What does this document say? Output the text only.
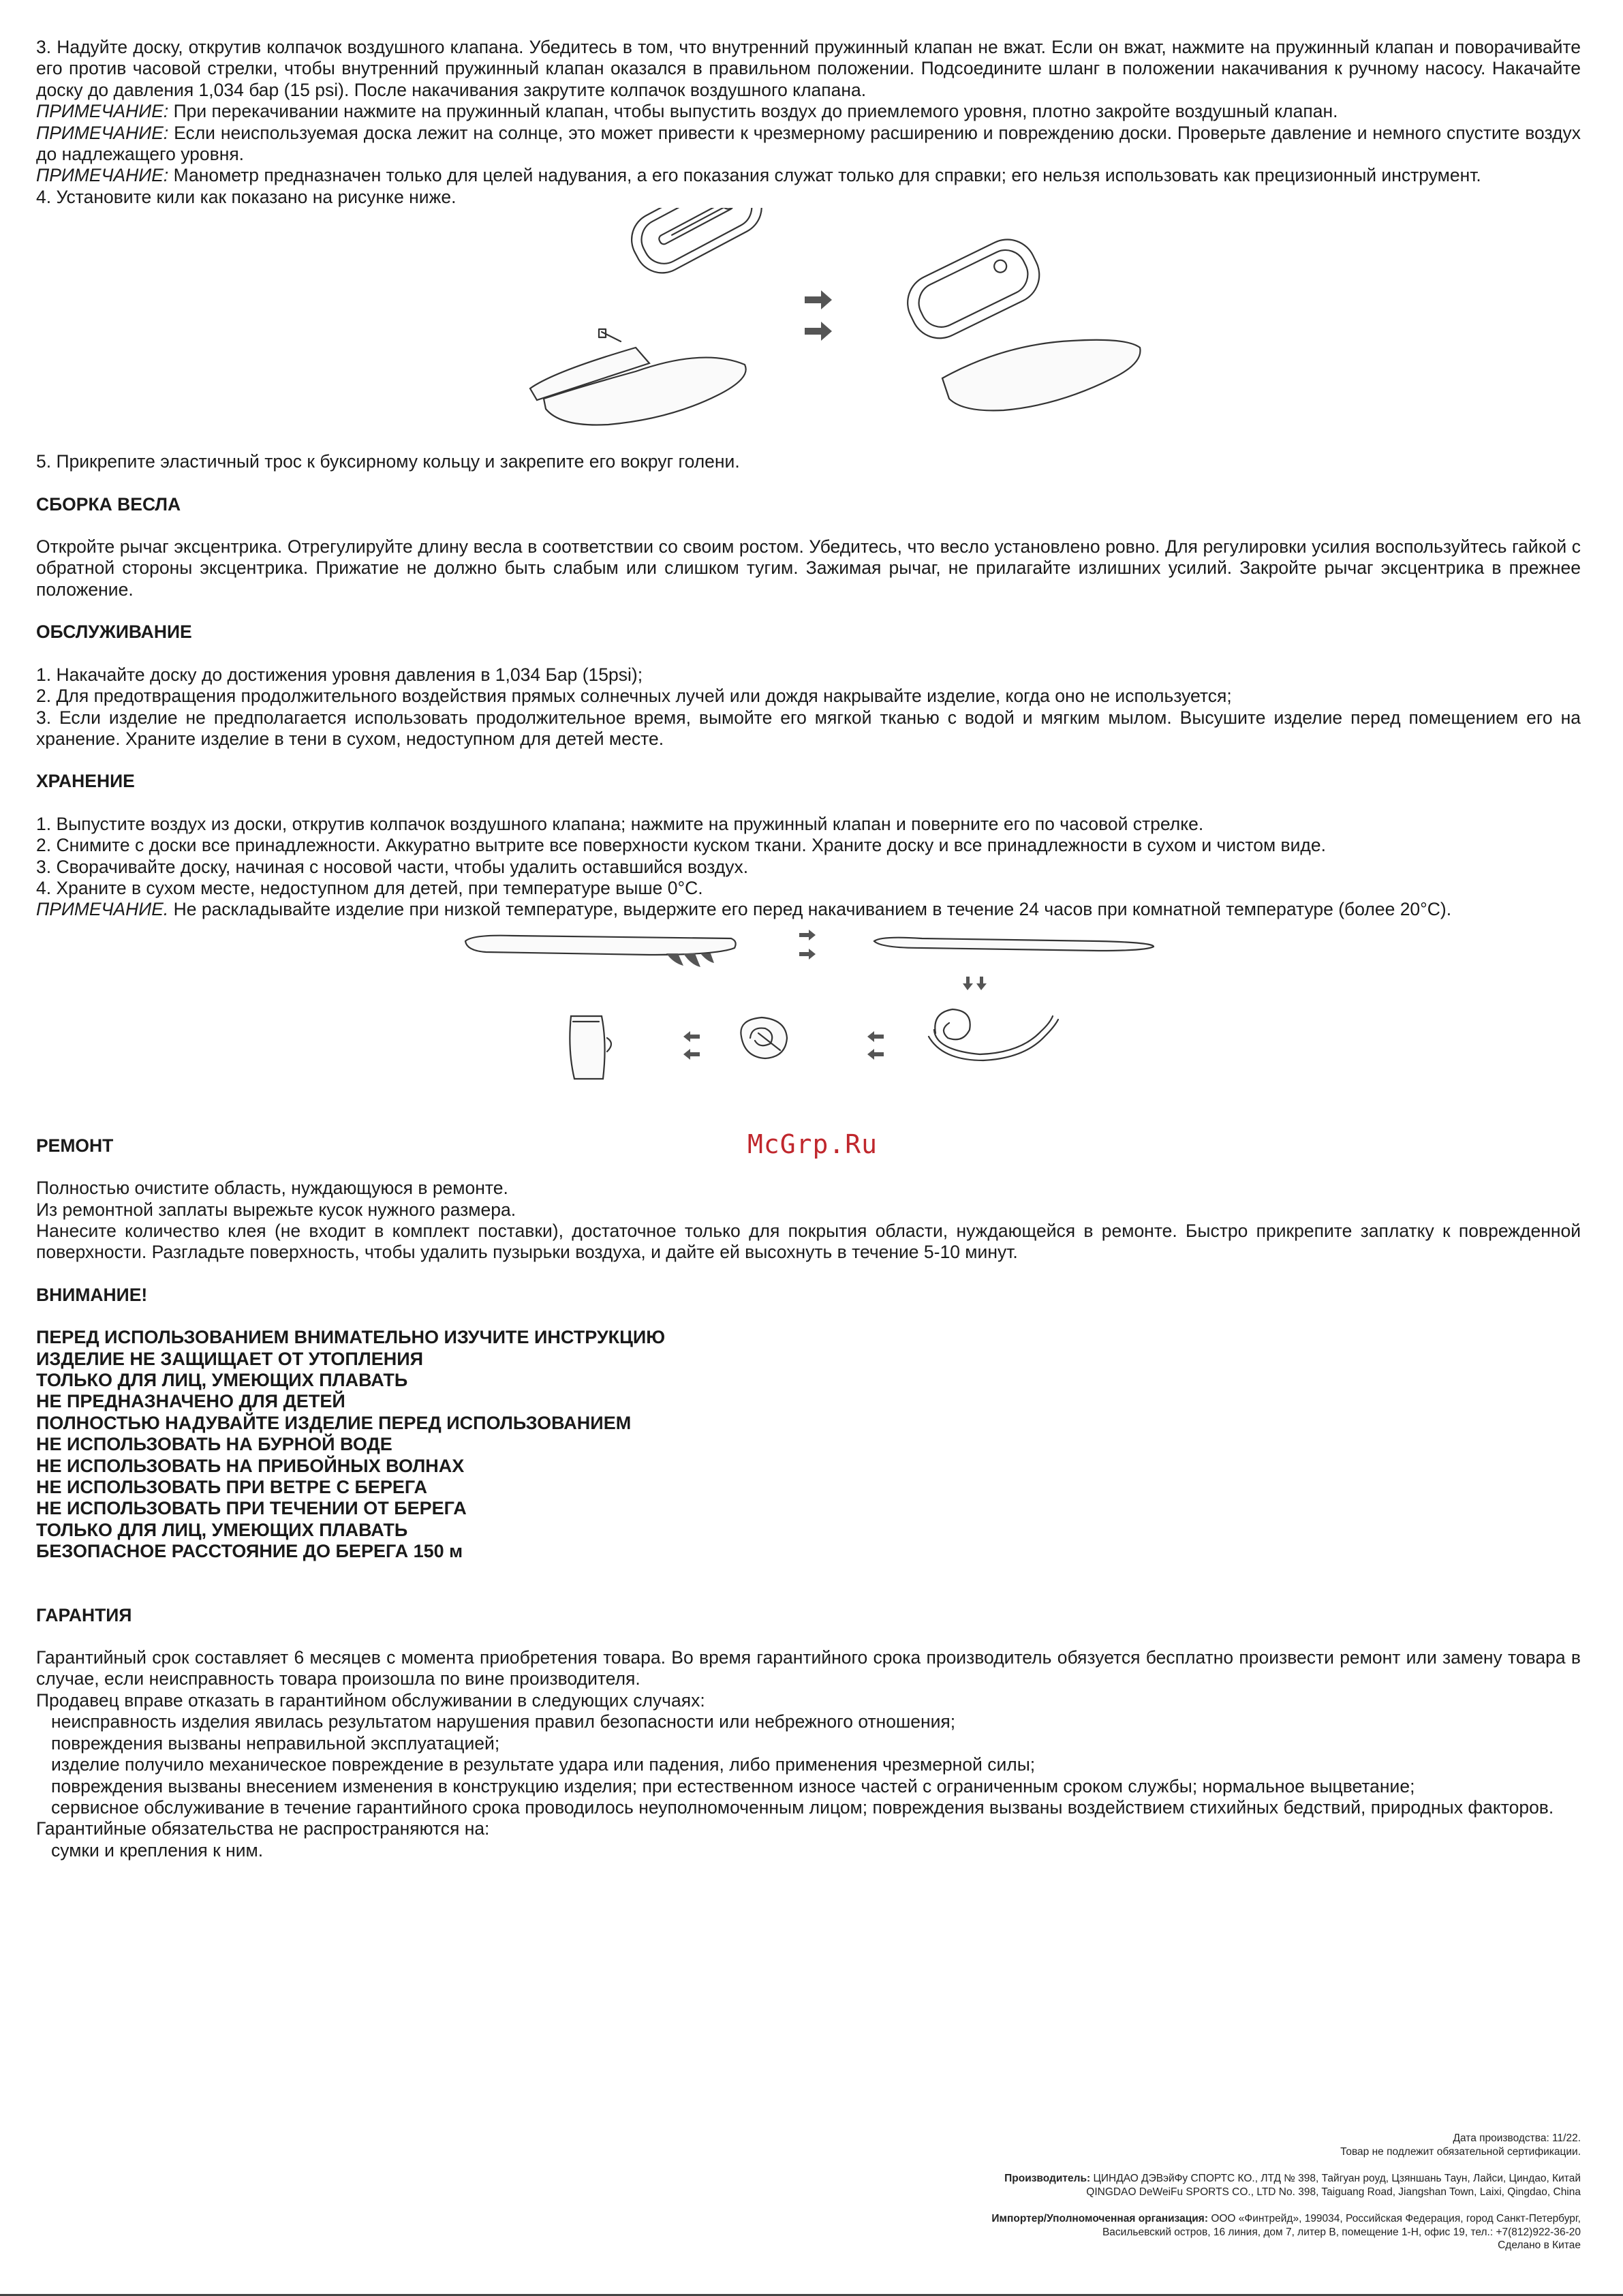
3. Надуйте доску, открутив колпачок воздушного клапана. Убедитесь в том, что внутренний пружинный клапан не вжат. Если он вжат, нажмите на пружинный клапан и поворачивайте его против часовой стрелки, чтобы внутренний пружинный клапан оказался в правильном положении. Подсоедините шланг в положении накачивания к ручному насосу. Накачайте доску до давления 1,034 бар (15 psi). После накачивания закрутите колпачок воздушного клапана.

ПРИМЕЧАНИЕ: При перекачивании нажмите на пружинный клапан, чтобы выпустить воздух до приемлемого уровня, плотно закройте воздушный клапан.

ПРИМЕЧАНИЕ: Если неиспользуемая доска лежит на солнце, это может привести к чрезмерному расширению и повреждению доски. Проверьте давление и немного спустите воздух до надлежащего уровня.

ПРИМЕЧАНИЕ: Манометр предназначен только для целей надувания, а его показания служат только для справки; его нельзя использовать как прецизионный инструмент.

4. Установите кили как показано на рисунке ниже.

5. Прикрепите эластичный трос к буксирному кольцу и закрепите его вокруг голени.

СБОРКА ВЕСЛА

Откройте рычаг эксцентрика. Отрегулируйте длину весла в соответствии со своим ростом. Убедитесь, что весло установлено ровно. Для регулировки усилия воспользуйтесь гайкой с обратной стороны эксцентрика. Прижатие не должно быть слабым или слишком тугим. Зажимая рычаг, не прилагайте излишних усилий. Закройте рычаг эксцентрика в прежнее положение.

ОБСЛУЖИВАНИЕ

1. Накачайте доску до достижения уровня давления в 1,034 Бар (15psi);

2. Для предотвращения продолжительного воздействия прямых солнечных лучей или дождя накрывайте изделие, когда оно не используется;

3. Если изделие не предполагается использовать продолжительное время, вымойте его мягкой тканью с водой и мягким мылом. Высушите изделие перед помещением его на хранение. Храните изделие в тени в сухом, недоступном для детей месте.

ХРАНЕНИЕ

1. Выпустите воздух из доски, открутив колпачок воздушного клапана; нажмите на пружинный клапан и поверните его по часовой стрелке.

2. Снимите с доски все принадлежности. Аккуратно вытрите все поверхности куском ткани. Храните доску и все принадлежности в сухом и чистом виде.

3. Сворачивайте доску, начиная с носовой части, чтобы удалить оставшийся воздух.

4. Храните в сухом месте, недоступном для детей, при температуре выше 0°C.

ПРИМЕЧАНИЕ. Не раскладывайте изделие при низкой температуре, выдержите его перед накачиванием в течение 24 часов при комнатной температуре (более 20°С).

РЕМОНТ

Полностью очистите область, нуждающуюся в ремонте.

Из ремонтной заплаты вырежьте кусок нужного размера.

Нанесите количество клея (не входит в комплект поставки), достаточное только для покрытия области, нуждающейся в ремонте. Быстро прикрепите заплатку к поврежденной поверхности. Разгладьте поверхность, чтобы удалить пузырьки воздуха, и дайте ей высохнуть в течение 5-10 минут.

ВНИМАНИЕ!

ПЕРЕД ИСПОЛЬЗОВАНИЕМ ВНИМАТЕЛЬНО ИЗУЧИТЕ ИНСТРУКЦИЮ

ИЗДЕЛИЕ НЕ ЗАЩИЩАЕТ ОТ УТОПЛЕНИЯ

ТОЛЬКО ДЛЯ ЛИЦ, УМЕЮЩИХ ПЛАВАТЬ

НЕ ПРЕДНАЗНАЧЕНО ДЛЯ ДЕТЕЙ

ПОЛНОСТЬЮ НАДУВАЙТЕ ИЗДЕЛИЕ ПЕРЕД ИСПОЛЬЗОВАНИЕМ

НЕ ИСПОЛЬЗОВАТЬ НА БУРНОЙ ВОДЕ

НЕ ИСПОЛЬЗОВАТЬ НА ПРИБОЙНЫХ ВОЛНАХ

НЕ ИСПОЛЬЗОВАТЬ ПРИ ВЕТРЕ С БЕРЕГА

НЕ ИСПОЛЬЗОВАТЬ ПРИ ТЕЧЕНИИ ОТ БЕРЕГА

ТОЛЬКО ДЛЯ ЛИЦ, УМЕЮЩИХ ПЛАВАТЬ

БЕЗОПАСНОЕ РАССТОЯНИЕ ДО БЕРЕГА 150 м

ГАРАНТИЯ

Гарантийный срок составляет 6 месяцев с момента приобретения товара. Во время гарантийного срока производитель обязуется бесплатно произвести ремонт или замену товара в случае, если неисправность товара произошла по вине производителя.

Продавец вправе отказать в гарантийном обслуживании в следующих случаях:

неисправность изделия явилась результатом нарушения правил безопасности или небрежного отношения;

повреждения вызваны неправильной эксплуатацией;

изделие получило механическое повреждение в результате удара или падения, либо применения чрезмерной силы;

повреждения вызваны внесением изменения в конструкцию изделия; при естественном износе частей с ограниченным сроком службы; нормальное выцветание;

сервисное обслуживание в течение гарантийного срока проводилось неуполномоченным лицом; повреждения вызваны воздействием стихийных бедствий, природных факторов.

Гарантийные обязательства не распространяются на:

сумки и крепления к ним.

McGrp.Ru
Дата производства: 11/22.
Товар не подлежит обязательной сертификации.
Производитель: ЦИНДАО ДЭВэйФу СПОРТС КО., ЛТД № 398, Тайгуан роуд, Цзяншань Таун, Лайси, Циндао, Китай
QINGDAO DeWeiFu SPORTS CO., LTD No. 398, Taiguang Road, Jiangshan Town, Laixi, Qingdao, China
Импортер/Уполномоченная организация: ООО «Финтрейд», 199034, Российская Федерация, город Санкт-Петербург,
Васильевский остров, 16 линия, дом 7, литер В, помещение 1-Н, офис 19, тел.: +7(812)922-36-20
Сделано в Китае
